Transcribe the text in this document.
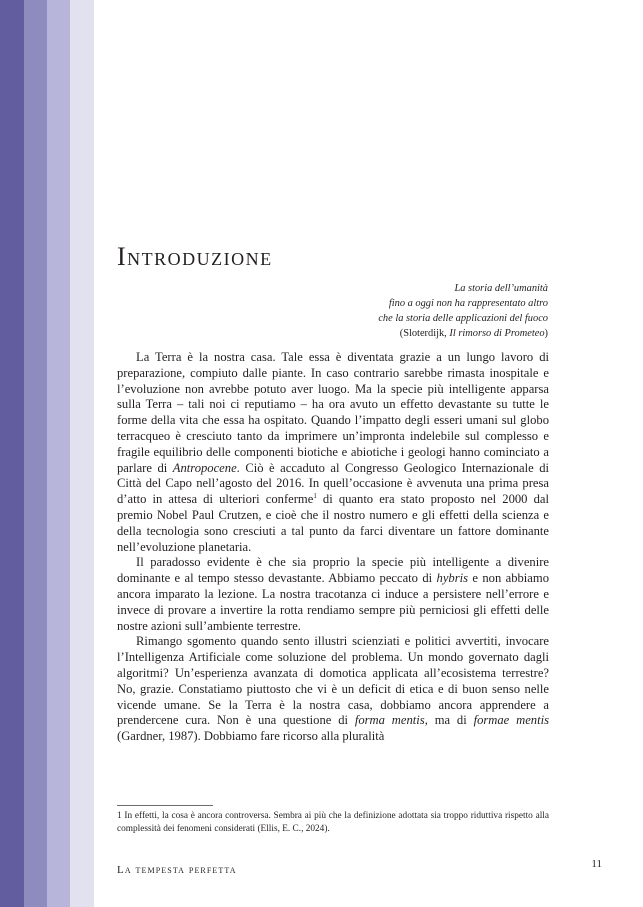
Introduzione
La storia dell’umanità
fino a oggi non ha rappresentato altro
che la storia delle applicazioni del fuoco
(Sloterdijk, Il rimorso di Prometeo)

La Terra è la nostra casa. Tale essa è diventata grazie a un lungo lavoro di preparazione, compiuto dalle piante. In caso contrario sarebbe rimasta inospitale e l’evoluzione non avrebbe potuto aver luogo. Ma la specie più intelligente apparsa sulla Terra – tali noi ci reputiamo – ha ora avuto un effetto devastante su tutte le forme della vita che essa ha ospitato. Quando l’impatto degli esseri umani sul globo terracqueo è cresciuto tanto da imprimere un’impronta indelebile sul complesso e fragile equilibrio delle componenti biotiche e abiotiche i geologi hanno cominciato a parlare di Antropocene. Ciò è accaduto al Congresso Geologico Internazionale di Città del Capo nell’agosto del 2016. In quell’occasione è avvenuta una prima presa d’atto in attesa di ulteriori conferme$^1$ di quanto era stato proposto nel 2000 dal premio Nobel Paul Crutzen, e cioè che il nostro numero e gli effetti della scienza e della tecnologia sono cresciuti a tal punto da farci diventare un fattore dominante nell’evoluzione planetaria.

Il paradosso evidente è che sia proprio la specie più intelligente a divenire dominante e al tempo stesso devastante. Abbiamo peccato di hybris e non abbiamo ancora imparato la lezione. La nostra tracotanza ci induce a persistere nell’errore e invece di provare a invertire la rotta rendiamo sempre più perniciosi gli effetti delle nostre azioni sull’ambiente terrestre.

Rimango sgomento quando sento illustri scienziati e politici avvertiti, invocare l’Intelligenza Artificiale come soluzione del problema. Un mondo governato dagli algoritmi? Un’esperienza avanzata di domotica applicata all’ecosistema terrestre? No, grazie. Constatiamo piuttosto che vi è un deficit di etica e di buon senso nelle vicende umane. Se la Terra è la nostra casa, dobbiamo ancora apprendere a prendercene cura. Non è una questione di forma mentis, ma di formae mentis (Gardner, 1987). Dobbiamo fare ricorso alla pluralità

1 In effetti, la cosa è ancora controversa. Sembra ai più che la definizione adottata sia troppo riduttiva rispetto alla complessità dei fenomeni considerati (Ellis, E. C., 2024).
La tempesta perfetta	11
